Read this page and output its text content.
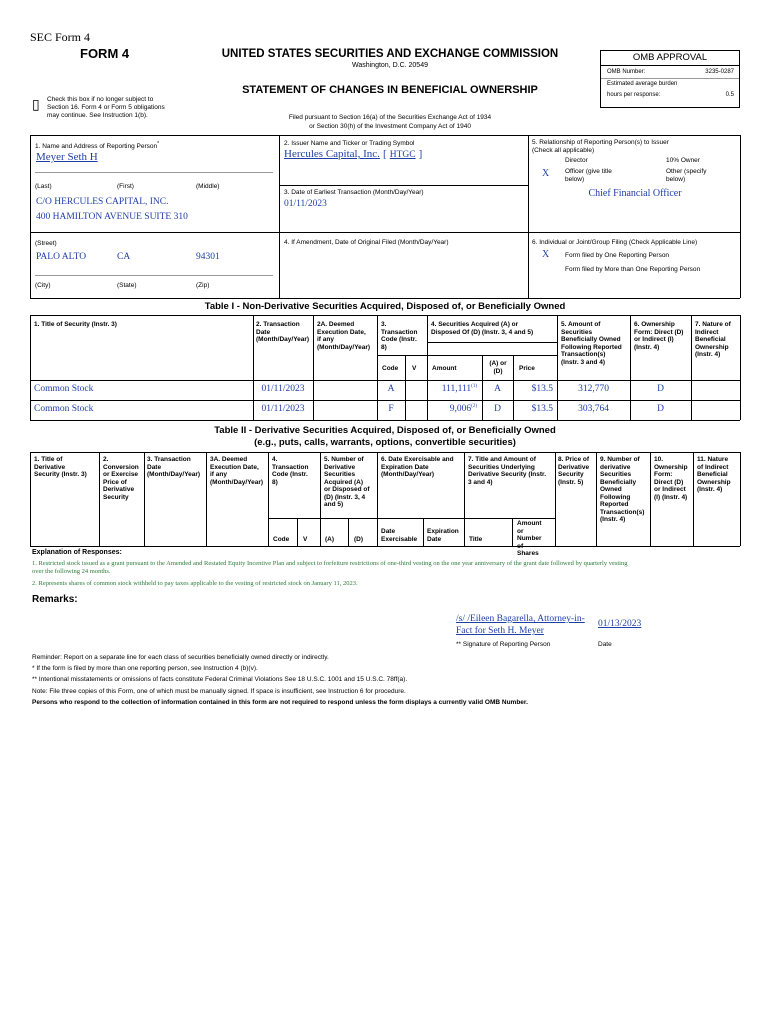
SEC Form 4
FORM 4	UNITED STATES SECURITIES AND EXCHANGE COMMISSION
Washington, D.C. 20549
STATEMENT OF CHANGES IN BENEFICIAL OWNERSHIP
Filed pursuant to Section 16(a) of the Securities Exchange Act of 1934
or Section 30(h) of the Investment Company Act of 1940
▯ Check this box if no longer subject to
Section 16. Form 4 or Form 5 obligations
may continue. See Instruction 1(b).
OMB APPROVAL
OMB Number:	3235-0287
Estimated average burden
hours per response:	0.5
1. Name and Address of Reporting Person*
Meyer Seth H
(Last)	(First)	(Middle)
C/O HERCULES CAPITAL, INC.
400 HAMILTON AVENUE SUITE 310
(Street)
PALO ALTO	CA	94301
(City)	(State)	(Zip)
2. Issuer Name and Ticker or Trading Symbol
Hercules Capital, Inc. [ HTGC ]
3. Date of Earliest Transaction (Month/Day/Year)
01/11/2023
4. If Amendment, Date of Original Filed (Month/Day/Year)
5. Relationship of Reporting Person(s) to Issuer
(Check all applicable)
Director	10% Owner
X Officer (give title
below)
Other (specify
below)
Chief Financial Officer
6. Individual or Joint/Group Filing (Check Applicable Line)
X Form filed by One Reporting Person
Form filed by More than One Reporting Person
Table I - Non-Derivative Securities Acquired, Disposed of, or Beneficially Owned
1. Title of Security (Instr. 3)	2. Transaction
Date
(Month/Day/Year)
2A. Deemed
Execution Date,
if any
(Month/Day/Year)
3.
Transaction
Code (Instr.
8)
4. Securities Acquired (A) or
Disposed Of (D) (Instr. 3, 4 and 5)
5. Amount of
Securities
Beneficially Owned
Following Reported
Transaction(s)
(Instr. 3 and 4)
6. Ownership
Form: Direct (D)
or Indirect (I)
(Instr. 4)
7. Nature of
Indirect
Beneficial
Ownership
(Instr. 4)
Code V Amount
(A) or
(D)	Price
Common Stock	01/11/2023	A	111,111$^{(1)}$	A	$13.5	312,770	D
Common Stock	01/11/2023	F	9,006$^{(2)}$	D	$13.5	303,764	D
Table II - Derivative Securities Acquired, Disposed of, or Beneficially Owned
(e.g., puts, calls, warrants, options, convertible securities)
1. Title of
Derivative
Security (Instr. 3)
2.
Conversion
or Exercise
Price of
Derivative
Security
3. Transaction
Date
(Month/Day/Year)
3A. Deemed
Execution Date,
if any
(Month/Day/Year)
4.
Transaction
Code (Instr.
8)
5. Number of
Derivative
Securities
Acquired (A)
or Disposed of
(D) (Instr. 3, 4
and 5)
6. Date Exercisable and
Expiration Date
(Month/Day/Year)
7. Title and Amount of
Securities Underlying
Derivative Security (Instr.
3 and 4)
8. Price of
Derivative
Security
(Instr. 5)
9. Number of
derivative
Securities
Beneficially
Owned
Following
Reported
Transaction(s)
(Instr. 4)
10.
Ownership
Form:
Direct (D)
or Indirect
(I) (Instr. 4)
11. Nature
of Indirect
Beneficial
Ownership
(Instr. 4)
Code V	(A)	(D)
Date
Exercisable
Expiration
Date	Title
Amount
or
Number
of
Shares
Explanation of Responses:
1. Restricted stock issued as a grant pursuant to the Amended and Restated Equity Incentive Plan and subject to forfeiture restrictions of one-third vesting on the one year anniversary of the grant date followed by quarterly vesting
over the following 24 months.
2. Represents shares of common stock withheld to pay taxes applicable to the vesting of restricted stock on January 11, 2023.
Remarks:
/s/ /Eileen Bagarella, Attorney-in-
Fact for Seth H. Meyer
01/13/2023
** Signature of Reporting Person	Date
Reminder: Report on a separate line for each class of securities beneficially owned directly or indirectly.
* If the form is filed by more than one reporting person, see Instruction 4 (b)(v).
** Intentional misstatements or omissions of facts constitute Federal Criminal Violations See 18 U.S.C. 1001 and 15 U.S.C. 78ff(a).
Note: File three copies of this Form, one of which must be manually signed. If space is insufficient, see Instruction 6 for procedure.
Persons who respond to the collection of information contained in this form are not required to respond unless the form displays a currently valid OMB Number.
